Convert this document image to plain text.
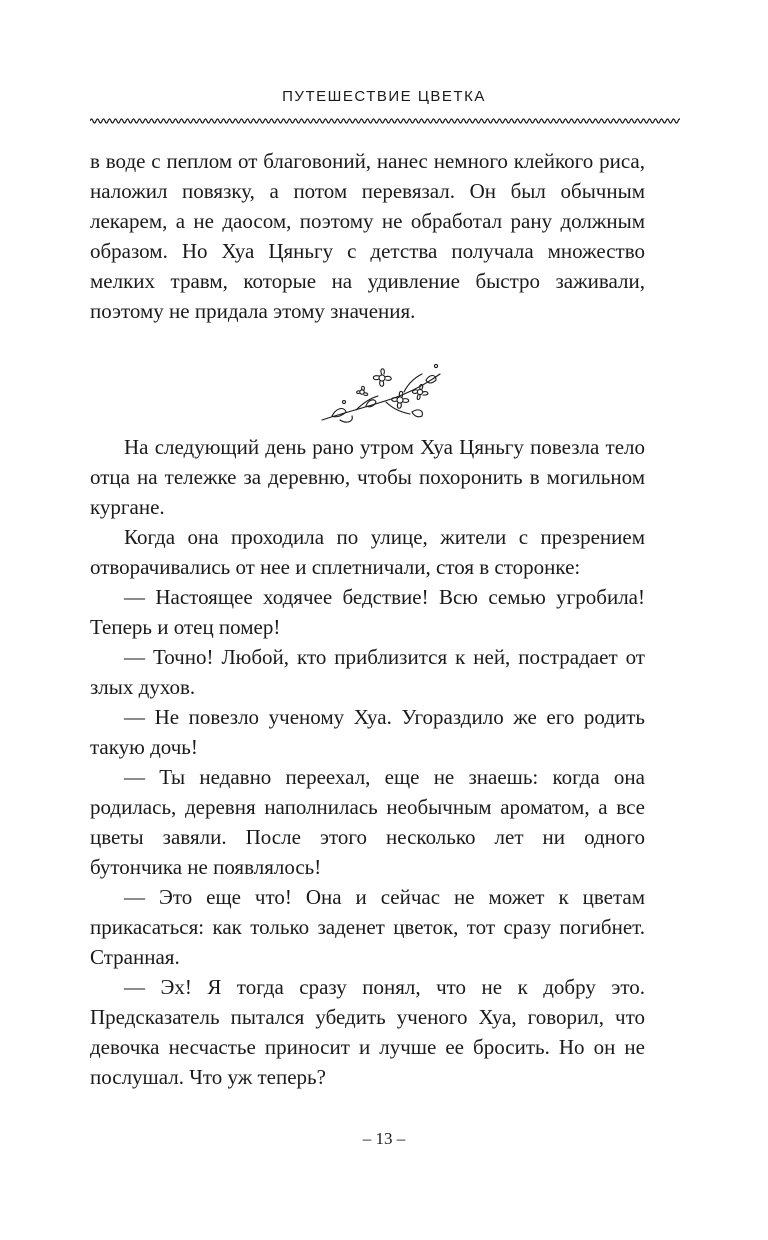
ПУТЕШЕСТВИЕ ЦВЕТКА

в воде с пеплом от благовоний, нанес немного клейкого риса, наложил повязку, а потом перевязал. Он был обычным лекарем, а не даосом, поэтому не обработал рану должным образом. Но Хуа Цяньгу с детства получала множество мелких травм, которые на удивление быстро заживали, поэтому не придала этому значения.

На следующий день рано утром Хуа Цяньгу повезла тело отца на тележке за деревню, чтобы похоронить в могильном кургане.

Когда она проходила по улице, жители с презрением отворачивались от нее и сплетничали, стоя в сторонке:

— Настоящее ходячее бедствие! Всю семью угробила! Теперь и отец помер!

— Точно! Любой, кто приблизится к ней, пострадает от злых духов.

— Не повезло ученому Хуа. Угораздило же его родить такую дочь!

— Ты недавно переехал, еще не знаешь: когда она родилась, деревня наполнилась необычным ароматом, а все цветы завяли. После этого несколько лет ни одного бутончика не появлялось!

— Это еще что! Она и сейчас не может к цветам прикасаться: как только заденет цветок, тот сразу погибнет. Странная.

— Эх! Я тогда сразу понял, что не к добру это. Предсказатель пытался убедить ученого Хуа, говорил, что девочка несчастье приносит и лучше ее бросить. Но он не послушал. Что уж теперь?

– 13 –
